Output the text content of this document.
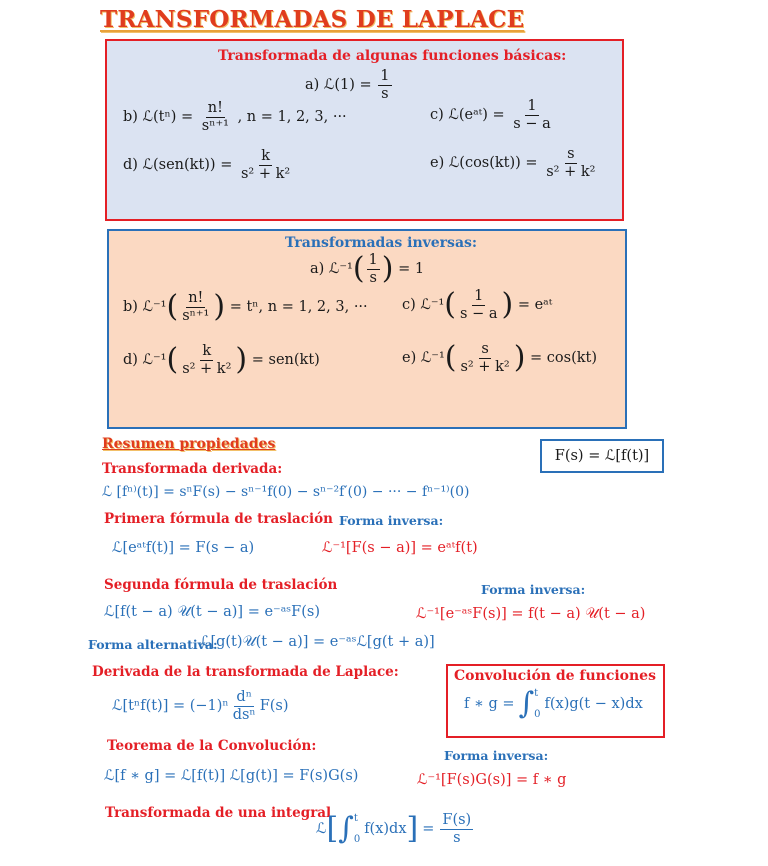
TRANSFORMADAS DE LAPLACE
Transformada de algunas funciones básicas:
a) ℒ(1) = $\frac{1}{s}$
b) ℒ(tⁿ) = $\frac{n!}{\text{sⁿ⁺¹}}$ , n = 1, 2, 3, ···	c) ℒ(eᵃᵗ) = $\frac{1}{s - a}$
d) ℒ(sen(kt)) = $\frac{k}{\text{s² + k²}}$	e) ℒ(cos(kt)) = $\frac{s}{\text{s² + k²}}$
Transformadas inversas:
a) ℒ⁻¹( $\frac{1}{s}$ ) = 1
b) ℒ⁻¹( $\frac{n!}{\text{sⁿ⁺¹}}$ ) = tⁿ, n = 1, 2, 3, ··· c) ℒ⁻¹( $\frac{1}{s - a}$ ) = eᵃᵗ
d) ℒ⁻¹( $\frac{k}{\text{s² + k²}}$ ) = sen(kt)	e) ℒ⁻¹( $\frac{s}{\text{s² + k²}}$ ) = cos(kt)
Resumen propiedades
F(s) = ℒ[f(t)]
Transformada derivada:
ℒ [fⁿ⁾(t)] = sⁿF(s) − sⁿ⁻¹f(0) − sⁿ⁻²f′(0) − ··· − fⁿ⁻¹⁾(0)
Primera fórmula de traslación Forma inversa:
ℒ[eᵃᵗf(t)] = F(s − a)	ℒ⁻¹[F(s − a)] = eᵃᵗf(t)
Segunda fórmula de traslación	Forma inversa:
ℒ[f(t − a) 𝒰(t − a)] = e⁻ᵃˢF(s)	ℒ⁻¹[e⁻ᵃˢF(s)] = f(t − a) 𝒰(t − a)
Forma alternativa:
ℒ[g(t)𝒰(t − a)] = e⁻ᵃˢℒ[g(t + a)]
Derivada de la transformada de Laplace:
ℒ[tⁿf(t)] = $(-1)^n \frac{\text{dⁿ}}{\text{dsⁿ}} F(s)$
Convolución de funciones
f ∗ g = ∫ t
0
f(x)g(t − x)dx
Teorema de la Convolución:
Forma inversa:
ℒ[f ∗ g] = ℒ[f(t)] ℒ[g(t)] = F(s)G(s)	ℒ⁻¹[F(s)G(s)] = f ∗ g
Transformada de una integral
ℒ [ ∫ t
0
f(x)dx ] = $\frac{F(s)}{s}$
